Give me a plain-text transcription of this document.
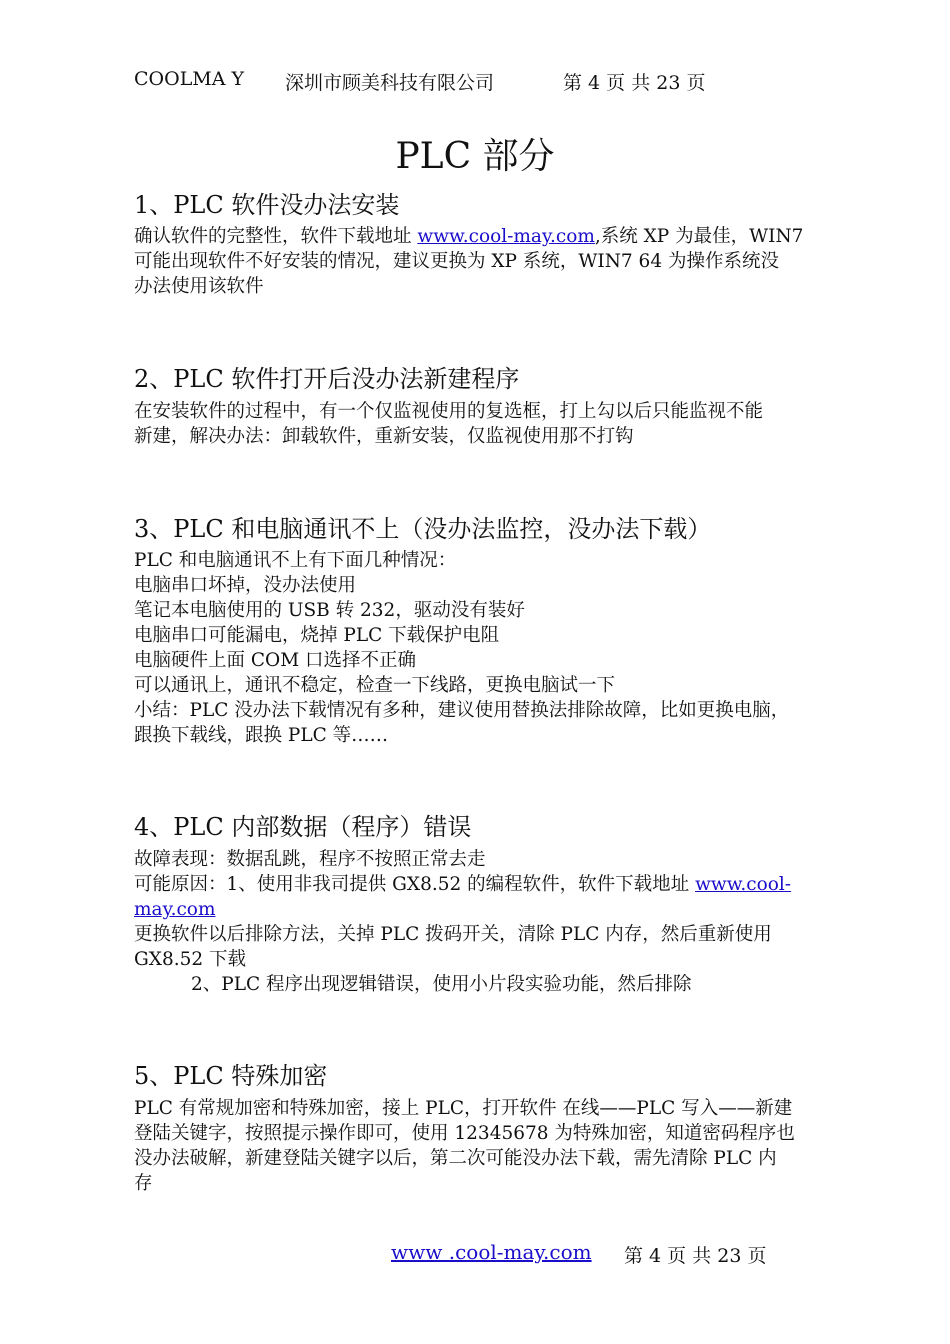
COOLMA Y 深圳市顾美科技有限公司	第 4 页 共 23 页
PLC 部分
1、PLC 软件没办法安装
确认软件的完整性，软件下载地址 www.cool-may.com,系统 XP 为最佳，WIN7
可能出现软件不好安装的情况，建议更换为 XP 系统，WIN7 64 为操作系统没
办法使用该软件
2、PLC 软件打开后没办法新建程序
在安装软件的过程中，有一个仅监视使用的复选框，打上勾以后只能监视不能
新建，解决办法：卸载软件，重新安装，仅监视使用那不打钩
3、PLC 和电脑通讯不上（没办法监控，没办法下载）
PLC 和电脑通讯不上有下面几种情况：
电脑串口坏掉，没办法使用
笔记本电脑使用的 USB 转 232，驱动没有装好
电脑串口可能漏电，烧掉 PLC 下载保护电阻
电脑硬件上面 COM 口选择不正确
可以通讯上，通讯不稳定，检查一下线路，更换电脑试一下
小结：PLC 没办法下载情况有多种，建议使用替换法排除故障，比如更换电脑，
跟换下载线，跟换 PLC 等……
4、PLC 内部数据（程序）错误
故障表现：数据乱跳，程序不按照正常去走
可能原因：1、使用非我司提供 GX8.52 的编程软件，软件下载地址 www.cool-
may.com
更换软件以后排除方法，关掉 PLC 拨码开关，清除 PLC 内存，然后重新使用
GX8.52 下载
2、PLC 程序出现逻辑错误，使用小片段实验功能，然后排除
5、PLC 特殊加密
PLC 有常规加密和特殊加密，接上 PLC，打开软件 在线——PLC 写入——新建
登陆关键字，按照提示操作即可，使用 12345678 为特殊加密，知道密码程序也
没办法破解，新建登陆关键字以后，第二次可能没办法下载，需先清除 PLC 内
存
www .cool-may.com 第 4 页 共 23 页
